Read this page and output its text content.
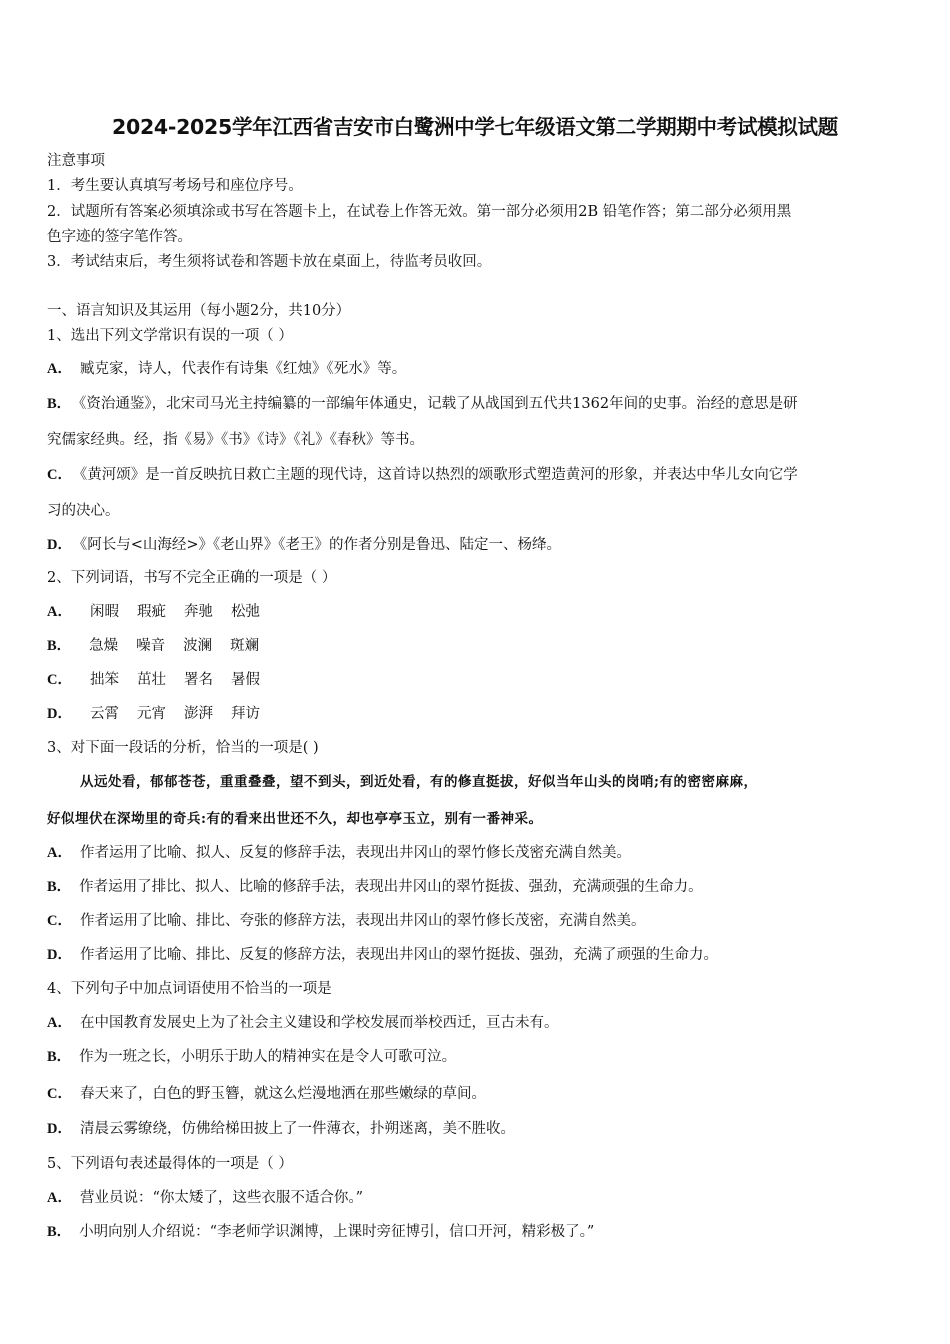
2024-2025学年江西省吉安市白鹭洲中学七年级语文第二学期期中考试模拟试题
注意事项
1．考生要认真填写考场号和座位序号。
2．试题所有答案必须填涂或书写在答题卡上，在试卷上作答无效。第一部分必须用2B 铅笔作答；第二部分必须用黑
色字迹的签字笔作答。
3．考试结束后，考生须将试卷和答题卡放在桌面上，待监考员收回。
一、语言知识及其运用（每小题2分，共10分）
1、选出下列文学常识有误的一项（ ）
A． 臧克家，诗人，代表作有诗集《红烛》《死水》等。
B． 《资治通鉴》，北宋司马光主持编纂的一部编年体通史，记载了从战国到五代共1362年间的史事。治经的意思是研
究儒家经典。经，指《易》《书》《诗》《礼》《春秋》等书。
C． 《黄河颂》是一首反映抗日救亡主题的现代诗，这首诗以热烈的颂歌形式塑造黄河的形象，并表达中华儿女向它学
习的决心。
D． 《阿长与<山海经>》《老山界》《老王》的作者分别是鲁迅、陆定一、杨绛。
2、下列词语，书写不完全正确的一项是（ ）
A． 闲暇 瑕疵 奔驰 松弛
B． 急燥 噪音 波澜 斑斓
C． 拙笨 茁壮 署名 暑假
D． 云霄 元宵 澎湃 拜访
3、对下面一段话的分析，恰当的一项是( )
从远处看，郁郁苍苍，重重叠叠，望不到头，到近处看，有的修直挺拔，好似当年山头的岗哨;有的密密麻麻，
好似埋伏在深坳里的奇兵:有的看来出世还不久，却也亭亭玉立，别有一番神采。
A． 作者运用了比喻、拟人、反复的修辞手法，表现出井冈山的翠竹修长茂密充满自然美。
B． 作者运用了排比、拟人、比喻的修辞手法，表现出井冈山的翠竹挺拔、强劲，充满顽强的生命力。
C． 作者运用了比喻、排比、夸张的修辞方法，表现出井冈山的翠竹修长茂密，充满自然美。
D． 作者运用了比喻、排比、反复的修辞方法，表现出井冈山的翠竹挺拔、强劲，充满了顽强的生命力。
4、下列句子中加点词语使用不恰当的一项是
A． 在中国教育发展史上为了社会主义建设和学校发展而举校西迁，亘古未有。
B． 作为一班之长，小明乐于助人的精神实在是令人可歌可泣。
C． 春天来了，白色的野玉簪，就这么烂漫地洒在那些嫩绿的草间。
D． 清晨云雾缭绕，仿佛给梯田披上了一件薄衣，扑朔迷离，美不胜收。
5、下列语句表述最得体的一项是（ ）
A． 营业员说：“你太矮了，这些衣服不适合你。”
B． 小明向别人介绍说：“李老师学识渊博，上课时旁征博引，信口开河，精彩极了。”
